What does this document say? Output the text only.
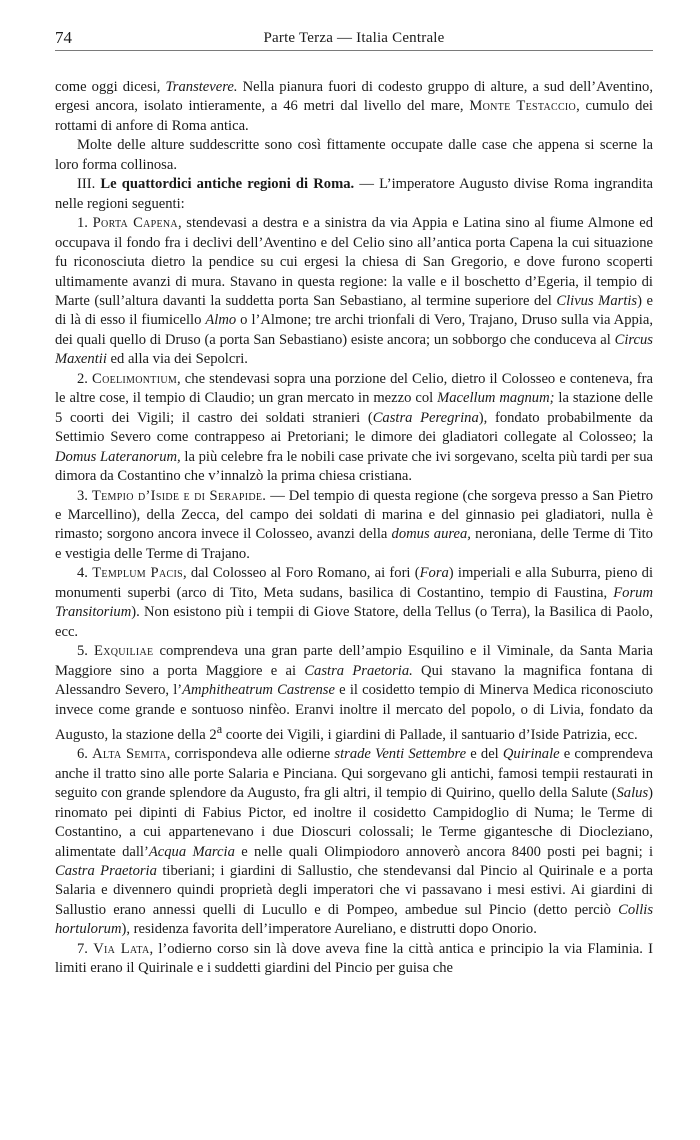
74	Parte Terza — Italia Centrale

come oggi dicesi, Transtevere. Nella pianura fuori di codesto gruppo di alture, a sud dell’Aventino, ergesi ancora, isolato intieramente, a 46 metri dal livello del mare, Monte Testaccio, cumulo dei rottami di anfore di Roma antica.

Molte delle alture suddescritte sono così fittamente occupate dalle case che appena si scerne la loro forma collinosa.

III. Le quattordici antiche regioni di Roma. — L’imperatore Augusto divise Roma ingrandita nelle regioni seguenti:

1. Porta Capena, stendevasi a destra e a sinistra da via Appia e Latina sino al fiume Almone ed occupava il fondo fra i declivi dell’Aventino e del Celio sino all’antica porta Capena la cui situazione fu riconosciuta dietro la pendice su cui ergesi la chiesa di San Gregorio, e dove furono scoperti ultimamente avanzi di mura. Stavano in questa regione: la valle e il boschetto d’Egeria, il tempio di Marte (sull’altura davanti la suddetta porta San Sebastiano, al termine superiore del Clivus Martis) e di là di esso il fiumicello Almo o l’Almone; tre archi trionfali di Vero, Trajano, Druso sulla via Appia, dei quali quello di Druso (a porta San Sebastiano) esiste ancora; un sobborgo che conduceva al Circus Maxentii ed alla via dei Sepolcri.

2. Coelimontium, che stendevasi sopra una porzione del Celio, dietro il Colosseo e conteneva, fra le altre cose, il tempio di Claudio; un gran mercato in mezzo col Macellum magnum; la stazione delle 5 coorti dei Vigili; il castro dei soldati stranieri (Castra Peregrina), fondato probabilmente da Settimio Severo come contrappeso ai Pretoriani; le dimore dei gladiatori collegate al Colosseo; la Domus Lateranorum, la più celebre fra le nobili case private che ivi sorgevano, scelta più tardi per sua dimora da Costantino che v’innalzò la prima chiesa cristiana.

3. Tempio d’Iside e di Serapide. — Del tempio di questa regione (che sorgeva presso a San Pietro e Marcellino), della Zecca, del campo dei soldati di marina e del ginnasio pei gladiatori, nulla è rimasto; sorgono ancora invece il Colosseo, avanzi della domus aurea, neroniana, delle Terme di Tito e vestigia delle Terme di Trajano.

4. Templum Pacis, dal Colosseo al Foro Romano, ai fori (Fora) imperiali e alla Suburra, pieno di monumenti superbi (arco di Tito, Meta sudans, basilica di Costantino, tempio di Faustina, Forum Transitorium). Non esistono più i tempii di Giove Statore, della Tellus (o Terra), la Basilica di Paolo, ecc.

5. Exquiliae comprendeva una gran parte dell’ampio Esquilino e il Viminale, da Santa Maria Maggiore sino a porta Maggiore e ai Castra Praetoria. Qui stavano la magnifica fontana di Alessandro Severo, l’Amphitheatrum Castrense e il cosidetto tempio di Minerva Medica riconosciuto invece come grande e sontuoso ninfèo. Eranvi inoltre il mercato del popolo, o di Livia, fondato da Augusto, la stazione della 2$^a$ coorte dei Vigili, i giardini di Pallade, il santuario d’Iside Patrizia, ecc.

6. Alta Semita, corrispondeva alle odierne strade Venti Settembre e del Quirinale e comprendeva anche il tratto sino alle porte Salaria e Pinciana. Qui sorgevano gli antichi, famosi tempii restaurati in seguito con grande splendore da Augusto, fra gli altri, il tempio di Quirino, quello della Salute (Salus) rinomato pei dipinti di Fabius Pictor, ed inoltre il cosidetto Campidoglio di Numa; le Terme di Costantino, a cui appartenevano i due Dioscuri colossali; le Terme gigantesche di Diocleziano, alimentate dall’Acqua Marcia e nelle quali Olimpiodoro annoverò ancora 8400 posti pei bagni; i Castra Praetoria tiberiani; i giardini di Sallustio, che stendevansi dal Pincio al Quirinale e a porta Salaria e divennero quindi proprietà degli imperatori che vi passavano i mesi estivi. Ai giardini di Sallustio erano annessi quelli di Lucullo e di Pompeo, ambedue sul Pincio (detto perciò Collis hortulorum), residenza favorita dell’imperatore Aureliano, e distrutti dopo Onorio.

7. Via Lata, l’odierno corso sin là dove aveva fine la città antica e principio la via Flaminia. I limiti erano il Quirinale e i suddetti giardini del Pincio per guisa che
